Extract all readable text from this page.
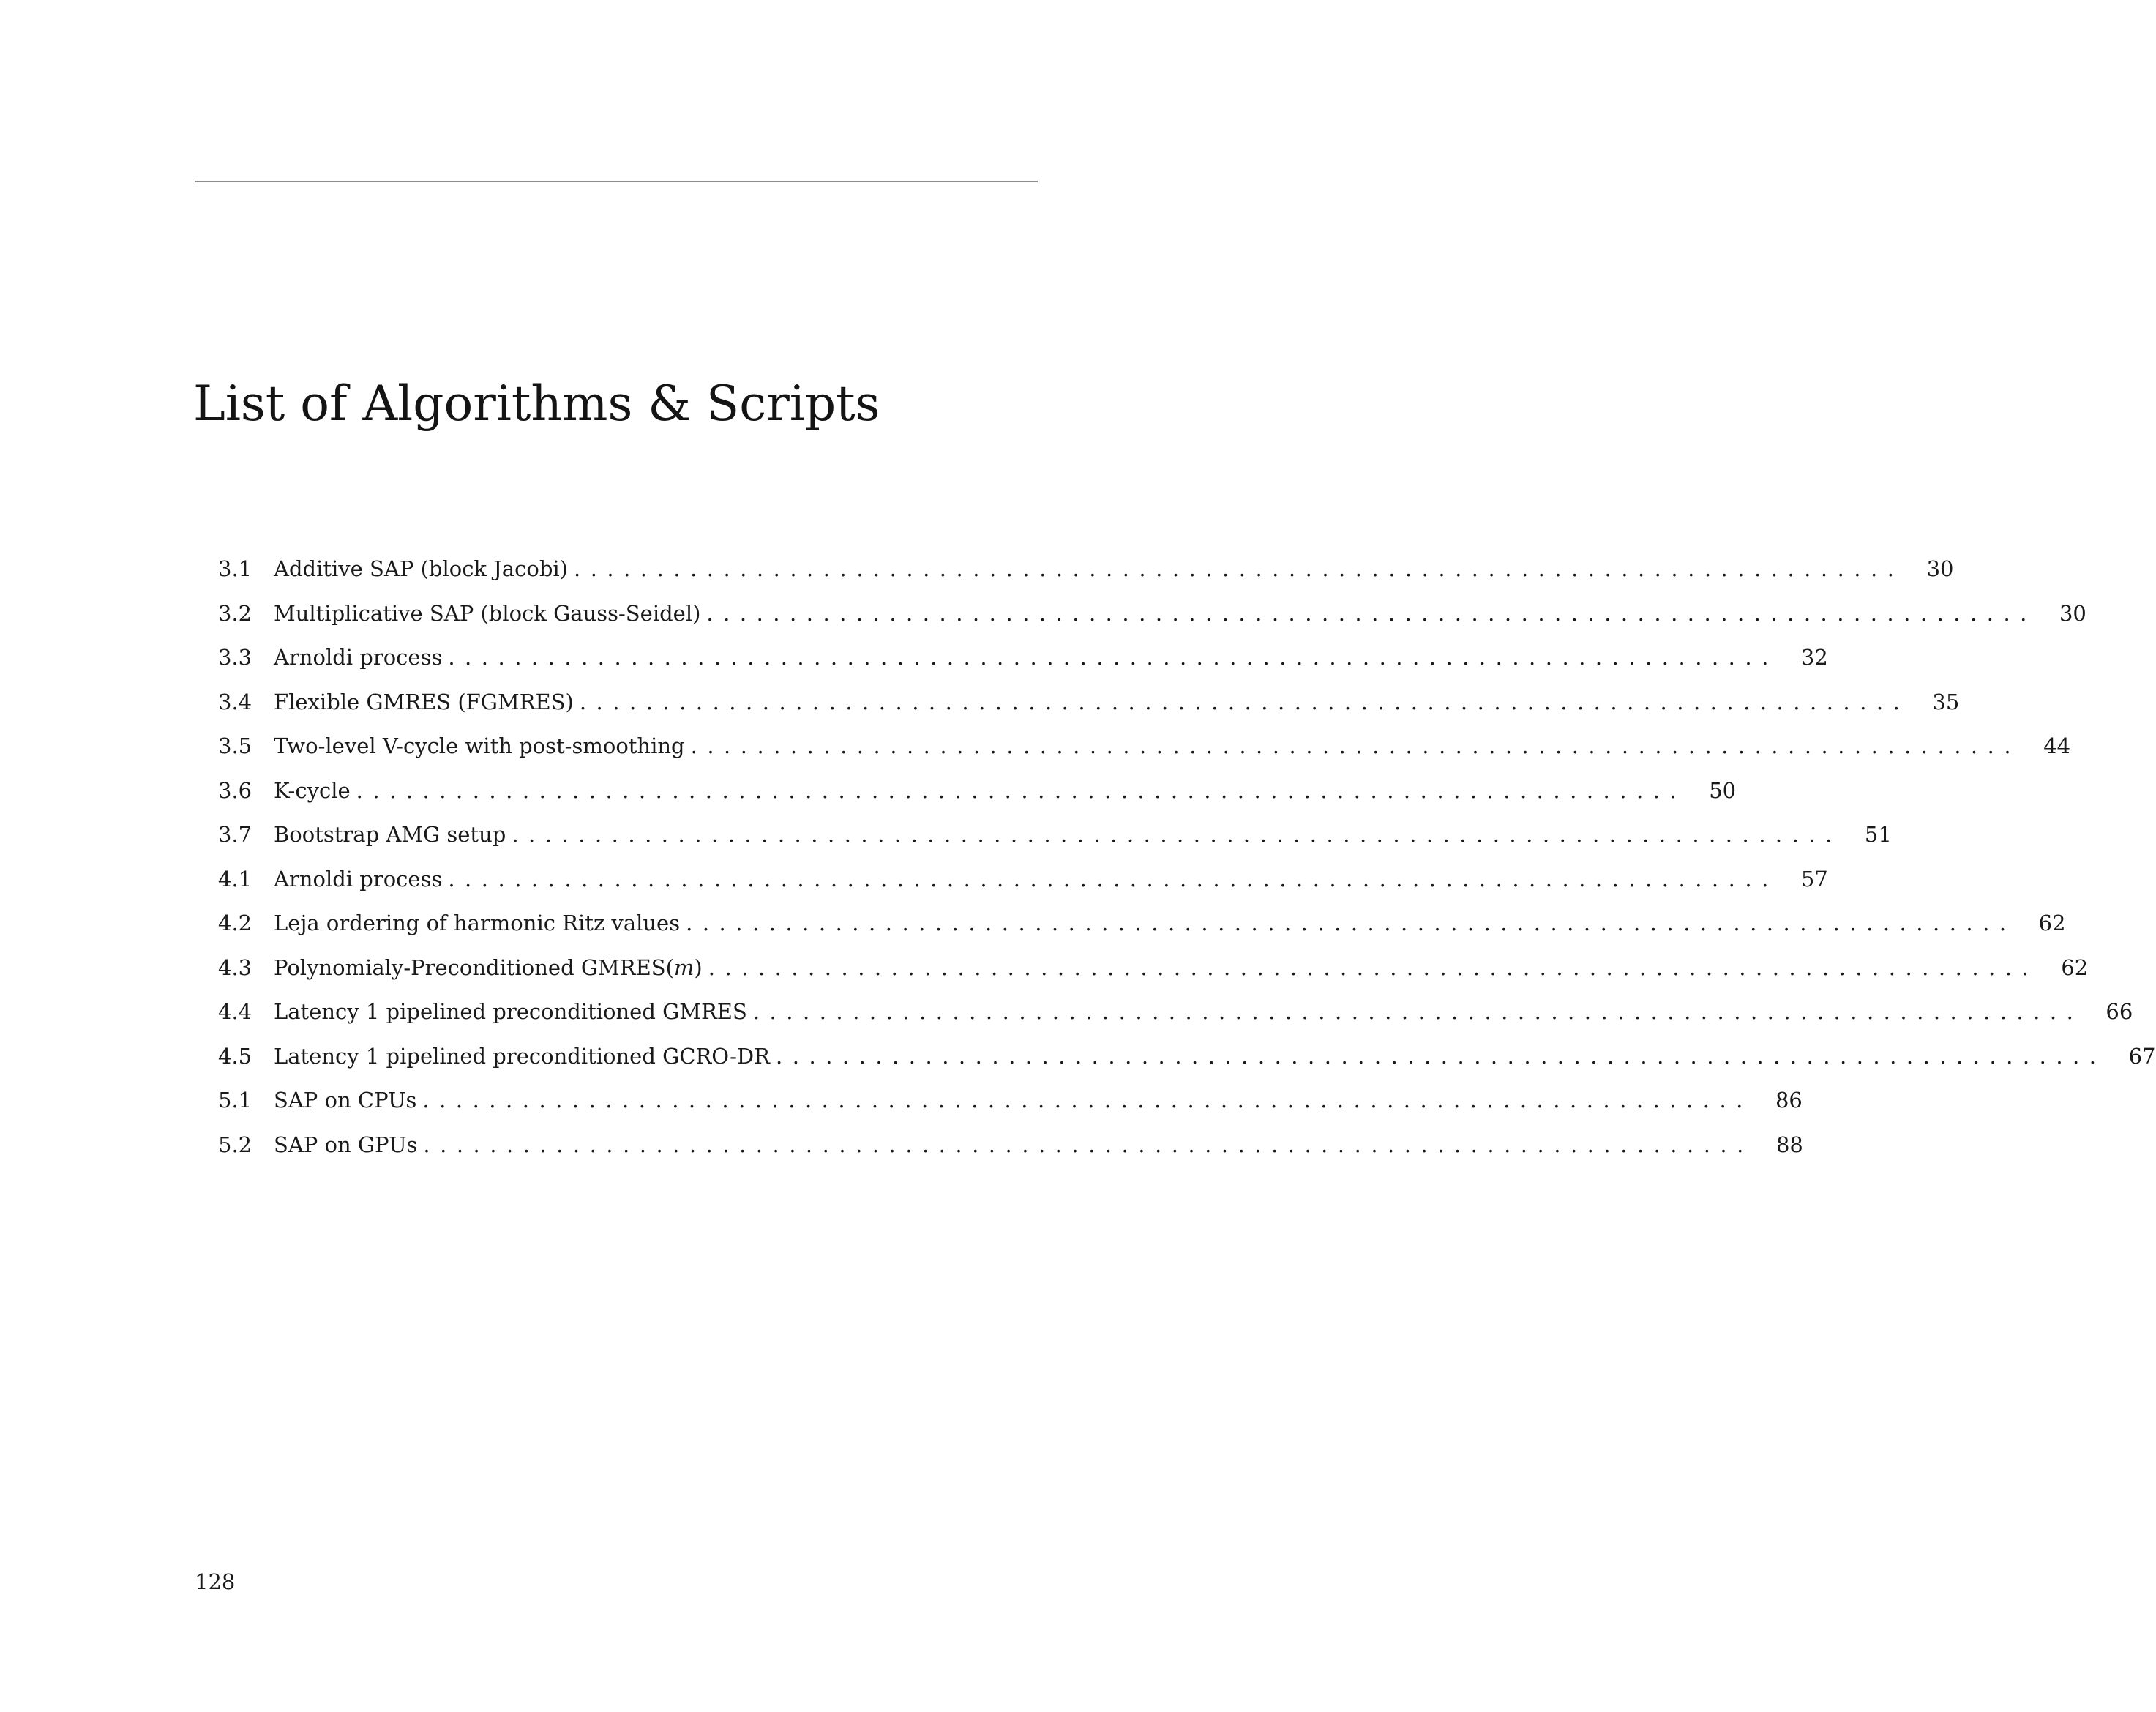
List of Algorithms & Scripts
3.1	Additive SAP (block Jacobi) ................................................................................	30
3.2	Multiplicative SAP (block Gauss-Seidel) ................................................................................	30
3.3	Arnoldi process ................................................................................	32
3.4	Flexible GMRES (FGMRES) ................................................................................	35
3.5	Two-level V-cycle with post-smoothing ................................................................................	44
3.6	K-cycle ................................................................................	50
3.7	Bootstrap AMG setup ................................................................................	51
4.1	Arnoldi process ................................................................................	57
4.2	Leja ordering of harmonic Ritz values ................................................................................	62
4.3	Polynomialy-Preconditioned GMRES(m) ................................................................................	62
4.4	Latency 1 pipelined preconditioned GMRES ................................................................................	66
4.5	Latency 1 pipelined preconditioned GCRO-DR ................................................................................	67
5.1	SAP on CPUs ................................................................................	86
5.2	SAP on GPUs ................................................................................	88
128
